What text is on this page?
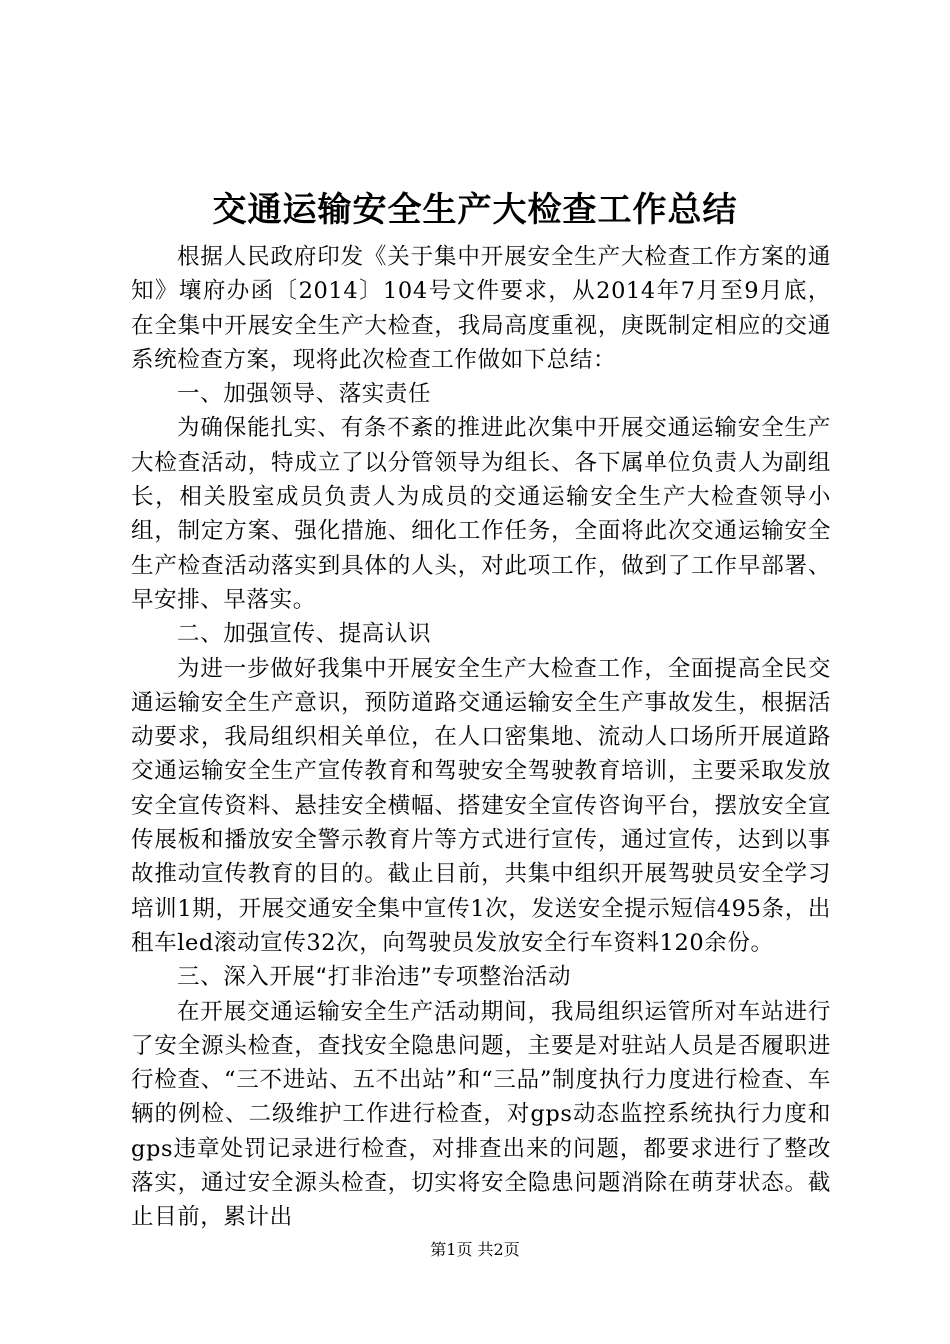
交通运输安全生产大检查工作总结

根据人民政府印发《关于集中开展安全生产大检查工作方案的通知》壤府办函〔2014〕104号文件要求，从2014年7月至9月底，在全集中开展安全生产大检查，我局高度重视，庚既制定相应的交通系统检查方案，现将此次检查工作做如下总结：

一、加强领导、落实责任

为确保能扎实、有条不紊的推进此次集中开展交通运输安全生产大检查活动，特成立了以分管领导为组长、各下属单位负责人为副组长，相关股室成员负责人为成员的交通运输安全生产大检查领导小组，制定方案、强化措施、细化工作任务，全面将此次交通运输安全生产检查活动落实到具体的人头，对此项工作，做到了工作早部署、早安排、早落实。

二、加强宣传、提高认识

为进一步做好我集中开展安全生产大检查工作，全面提高全民交通运输安全生产意识，预防道路交通运输安全生产事故发生，根据活动要求，我局组织相关单位，在人口密集地、流动人口场所开展道路交通运输安全生产宣传教育和驾驶安全驾驶教育培训，主要采取发放安全宣传资料、悬挂安全横幅、搭建安全宣传咨询平台，摆放安全宣传展板和播放安全警示教育片等方式进行宣传，通过宣传，达到以事故推动宣传教育的目的。截止目前，共集中组织开展驾驶员安全学习培训1期，开展交通安全集中宣传1次，发送安全提示短信495条，出租车led滚动宣传32次，向驾驶员发放安全行车资料120余份。

三、深入开展“打非治违”专项整治活动

在开展交通运输安全生产活动期间，我局组织运管所对车站进行了安全源头检查，查找安全隐患问题，主要是对驻站人员是否履职进行检查、“三不进站、五不出站”和“三品”制度执行力度进行检查、车辆的例检、二级维护工作进行检查，对gps动态监控系统执行力度和gps违章处罚记录进行检查，对排查出来的问题，都要求进行了整改落实，通过安全源头检查，切实将安全隐患问题消除在萌芽状态。截止目前，累计出

第1页 共2页
